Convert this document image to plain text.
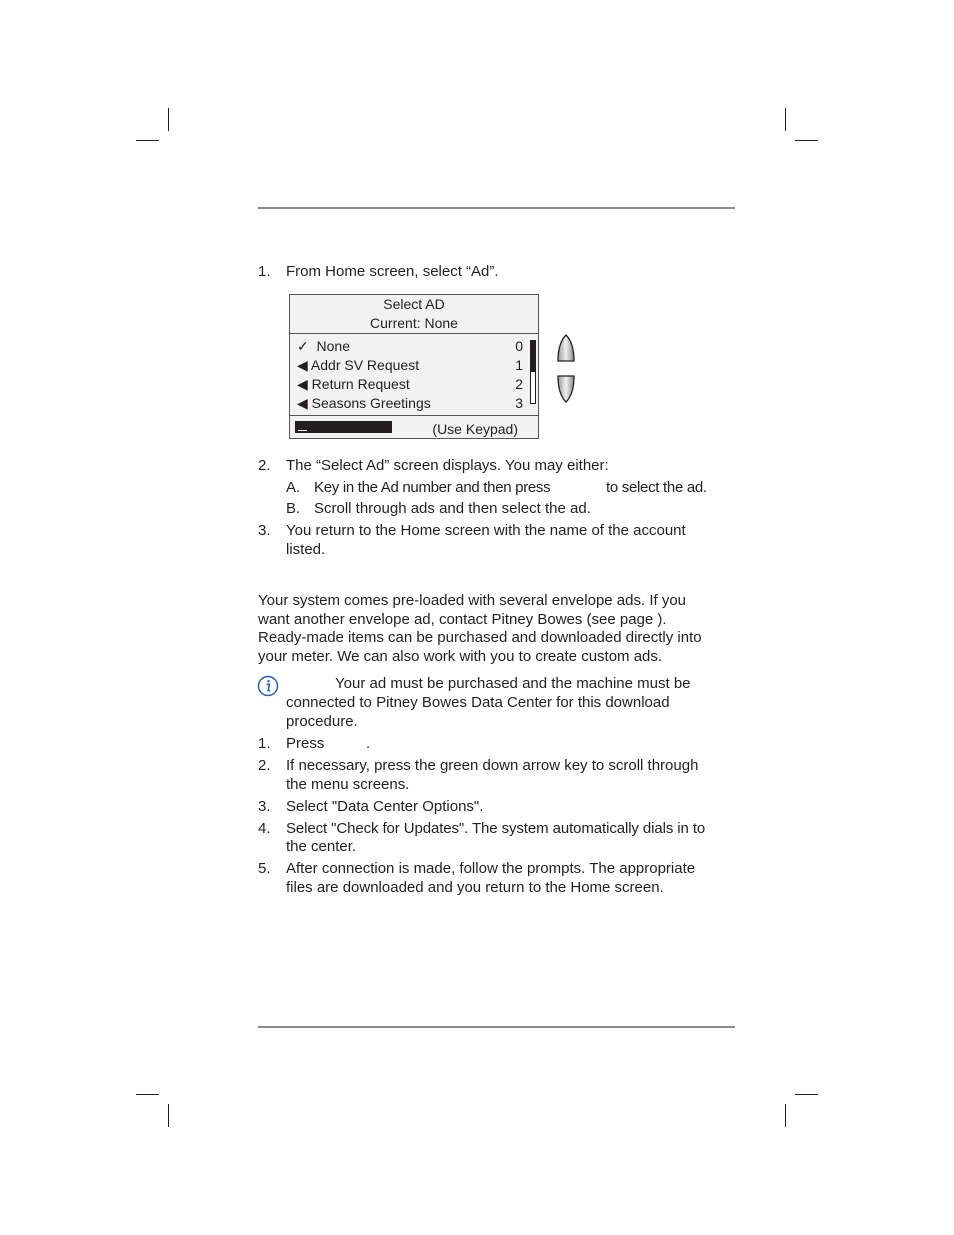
1. From Home screen, select “Ad”.
Select AD
Current: None
✓ None	0
◀ Addr SV Request	1
◀ Return Request	2
◀ Seasons Greetings	3
(Use Keypad)
2. The “Select Ad” screen displays. You may either:
A. Key in the Ad number and then press	to select the ad.
B. Scroll through ads and then select the ad.
3. You return to the Home screen with the name of the account
listed.
Your system comes pre-loaded with several envelope ads. If you
want another envelope ad, contact Pitney Bowes (see page ).
Ready-made items can be purchased and downloaded directly into
your meter. We can also work with you to create custom ads.
Your ad must be purchased and the machine must be
connected to Pitney Bowes Data Center for this download
procedure.
1. Press          .
2. If necessary, press the green down arrow key to scroll through
the menu screens.
3. Select "Data Center Options".
4. Select "Check for Updates". The system automatically dials in to
the center.
5. After connection is made, follow the prompts. The appropriate
files are downloaded and you return to the Home screen.
